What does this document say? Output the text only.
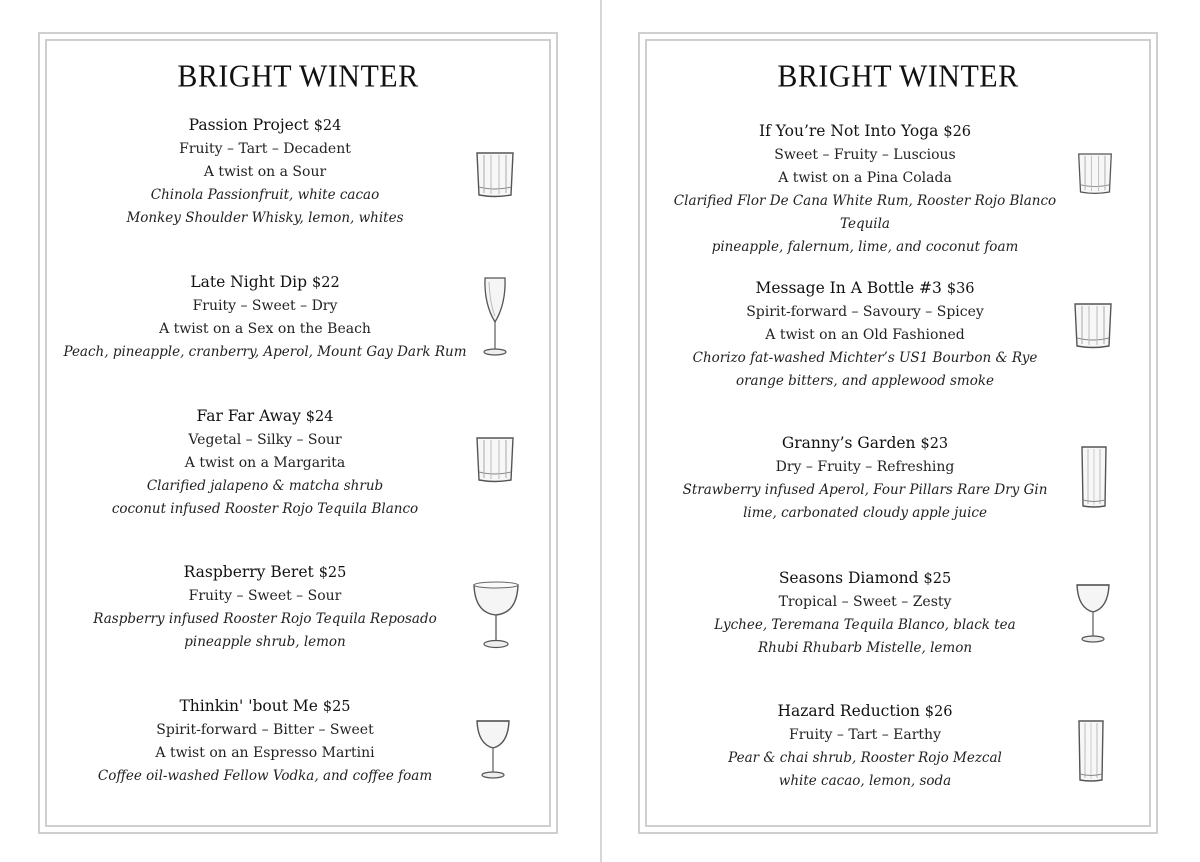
BRIGHT WINTER
Passion Project $24
Fruity – Tart – Decadent
A twist on a Sour
Chinola Passionfruit, white cacao
Monkey Shoulder Whisky, lemon, whites
Late Night Dip $22
Fruity – Sweet – Dry
A twist on a Sex on the Beach
Peach, pineapple, cranberry, Aperol, Mount Gay Dark Rum
Far Far Away $24
Vegetal – Silky – Sour
A twist on a Margarita
Clarified jalapeno & matcha shrub
coconut infused Rooster Rojo Tequila Blanco
Raspberry Beret $25
Fruity – Sweet – Sour
Raspberry infused Rooster Rojo Tequila Reposado
pineapple shrub, lemon
Thinkin' 'bout Me $25
Spirit-forward – Bitter – Sweet
A twist on an Espresso Martini
Coffee oil-washed Fellow Vodka, and coffee foam
BRIGHT WINTER
If You’re Not Into Yoga $26
Sweet – Fruity – Luscious
A twist on a Pina Colada
Clarified Flor De Cana White Rum, Rooster Rojo Blanco Tequila
pineapple, falernum, lime, and coconut foam
Message In A Bottle #3 $36
Spirit-forward – Savoury – Spicey
A twist on an Old Fashioned
Chorizo fat-washed Michter’s US1 Bourbon & Rye
orange bitters, and applewood smoke
Granny’s Garden $23
Dry – Fruity – Refreshing
Strawberry infused Aperol, Four Pillars Rare Dry Gin
lime, carbonated cloudy apple juice
Seasons Diamond $25
Tropical – Sweet – Zesty
Lychee, Teremana Tequila Blanco, black tea
Rhubi Rhubarb Mistelle, lemon
Hazard Reduction $26
Fruity – Tart – Earthy
Pear & chai shrub, Rooster Rojo Mezcal
white cacao, lemon, soda
